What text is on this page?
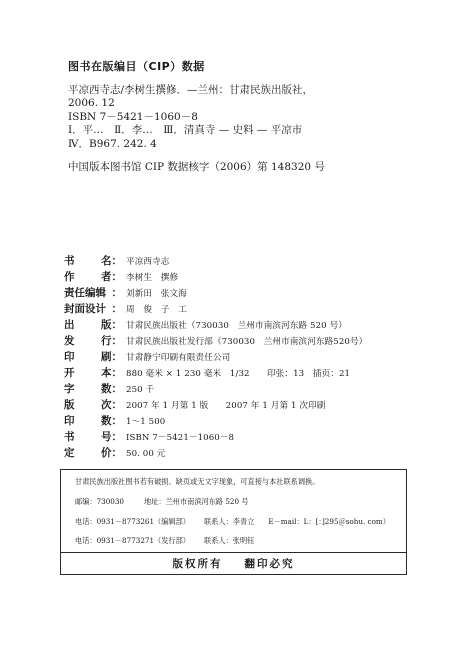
图书在版编目（CIP）数据
平凉西寺志/李树生撰修．—兰州：甘肃民族出版社，
2006. 12
ISBN 7－5421－1060－8
Ⅰ．平…　Ⅱ．李…　Ⅲ．清真寺 — 史料 — 平凉市
Ⅳ．B967. 242. 4
中国版本图书馆 CIP 数据核字（2006）第 148320 号
书	名： 平凉西寺志
作	者： 李树生　撰修
责任编辑 ： 刘新田　张文海
封面设计 ： 周　俊　子　工
出	版： 甘肃民族出版社（730030　兰州市南滨河东路 520 号）
发	行： 甘肃民族出版社发行部（730030　兰州市南滨河东路520号）
印	刷： 甘肃静宁印刷有限责任公司
开	本： 880 毫米 × 1 230 毫米　1/32　　印张：13　插页：21
字	数： 250 千
版	次： 2007 年 1 月第 1 版　　2007 年 1 月第 1 次印刷
印	数： 1～1 500
书	号： ISBN 7－5421－1060－8
定	价： 50. 00 元
甘肃民族出版社图书若有破损、缺页或无文字现象，可直接与本社联系调换。
邮编：730030	地址：兰州市南滨河东路 520 号
电话：0931－8773261（编辑部） 联系人：李青立 E－mail：L：[：]295＠sohu. com）
电话：0931－8773271（发行部） 联系人：张明钰
版权所有 翻印必究
